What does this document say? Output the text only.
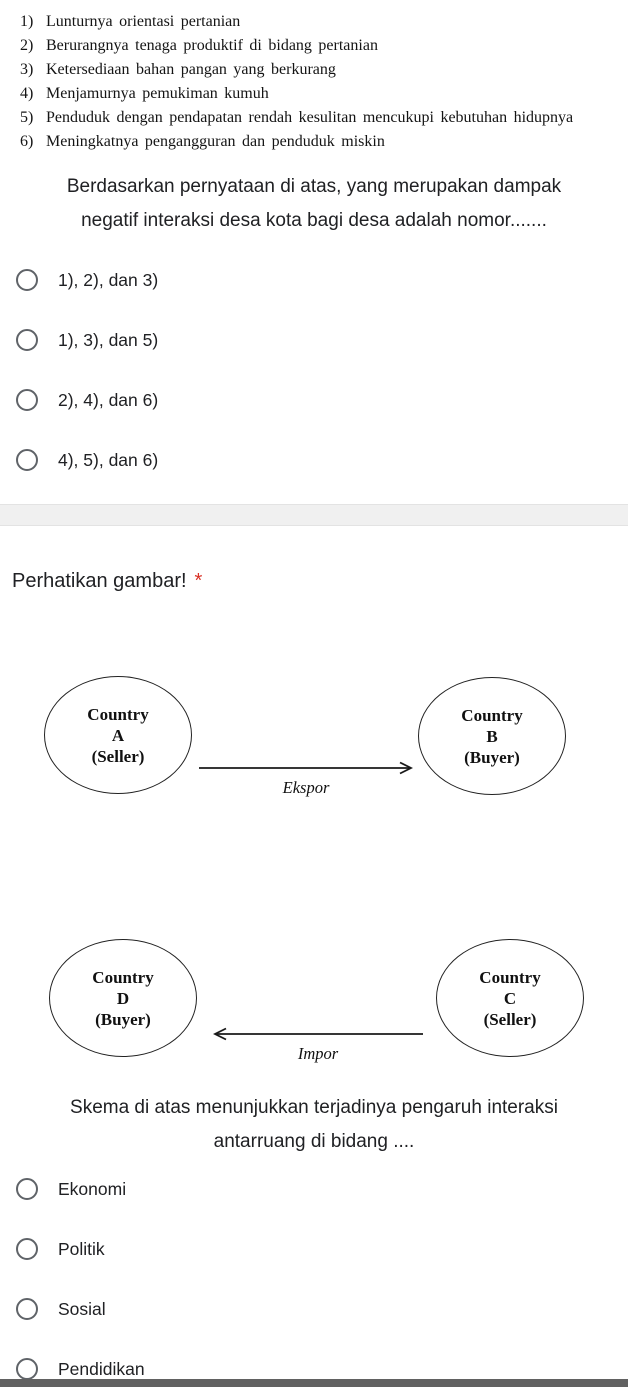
1) Lunturnya orientasi pertanian
2) Berurangnya tenaga produktif di bidang pertanian
3) Ketersediaan bahan pangan yang berkurang
4) Menjamurnya pemukiman kumuh
5) Penduduk dengan pendapatan rendah kesulitan mencukupi kebutuhan hidupnya
6) Meningkatnya pengangguran dan penduduk miskin

Berdasarkan pernyataan di atas, yang merupakan dampak negatif interaksi desa kota bagi desa adalah nomor.......

1), 2), dan 3)
1), 3), dan 5)
2), 4), dan 6)
4), 5), dan 6)
Perhatikan gambar! *
Country
A
(Seller)
Ekspor
Country
B
(Buyer)
Country
D
(Buyer)
Impor
Country
C
(Seller)

Skema di atas menunjukkan terjadinya pengaruh interaksi antarruang di bidang ....

Ekonomi
Politik
Sosial
Pendidikan
